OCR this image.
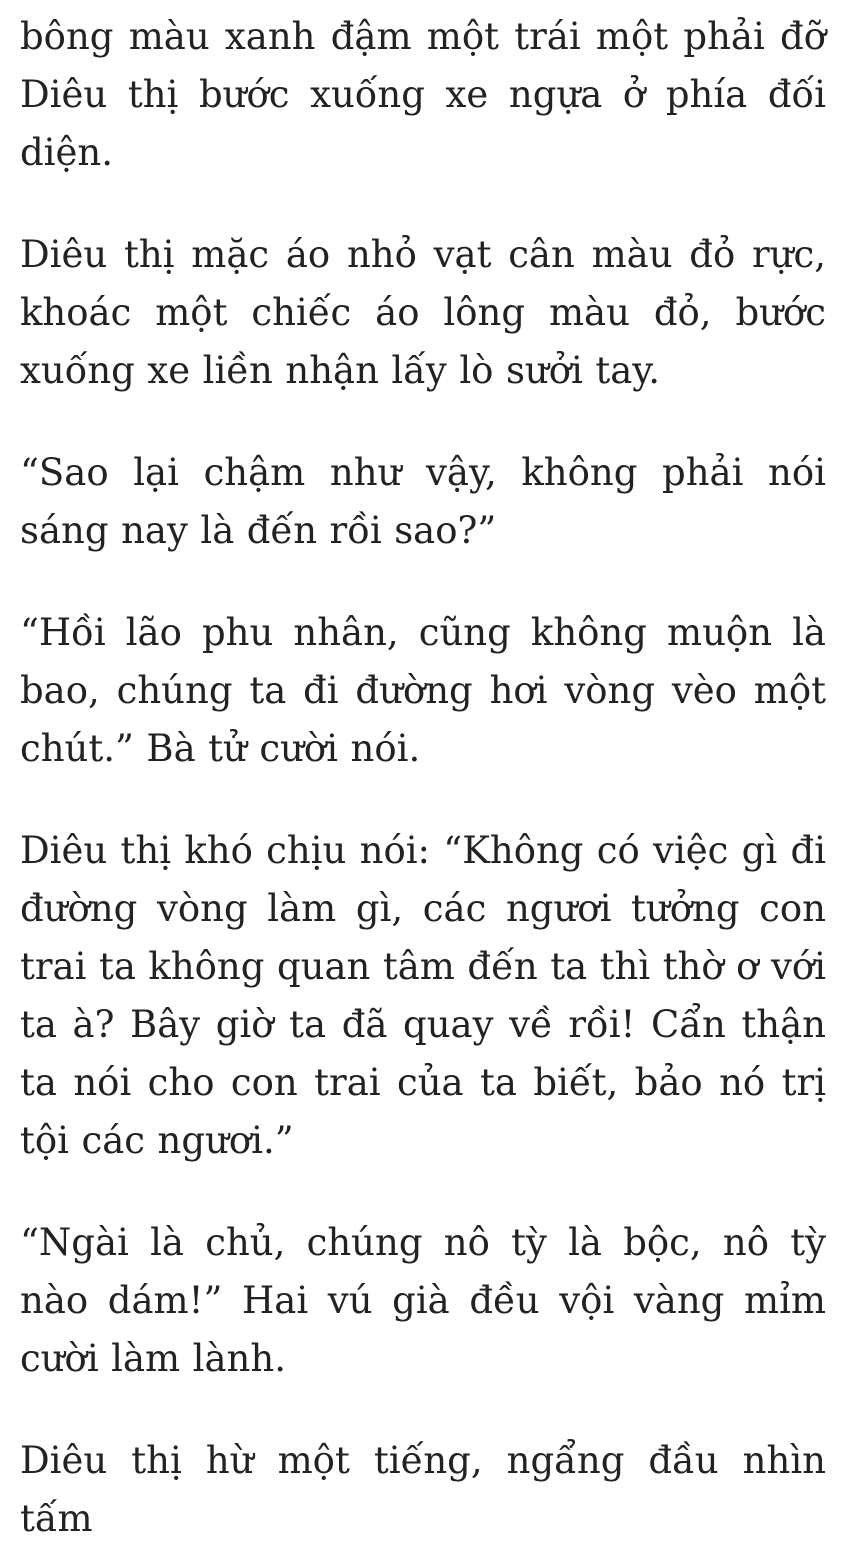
bông màu xanh đậm một trái một phải đỡ Diêu thị bước xuống xe ngựa ở phía đối diện.

Diêu thị mặc áo nhỏ vạt cân màu đỏ rực, khoác một chiếc áo lông màu đỏ, bước xuống xe liền nhận lấy lò sưởi tay.

“Sao lại chậm như vậy, không phải nói sáng nay là đến rồi sao?”

“Hồi lão phu nhân, cũng không muộn là bao, chúng ta đi đường hơi vòng vèo một chút.” Bà tử cười nói.

Diêu thị khó chịu nói: “Không có việc gì đi đường vòng làm gì, các ngươi tưởng con trai ta không quan tâm đến ta thì thờ ơ với ta à? Bây giờ ta đã quay về rồi! Cẩn thận ta nói cho con trai của ta biết, bảo nó trị tội các ngươi.”

“Ngài là chủ, chúng nô tỳ là bộc, nô tỳ nào dám!” Hai vú già đều vội vàng mỉm cười làm lành.

Diêu thị hừ một tiếng, ngẩng đầu nhìn tấm
